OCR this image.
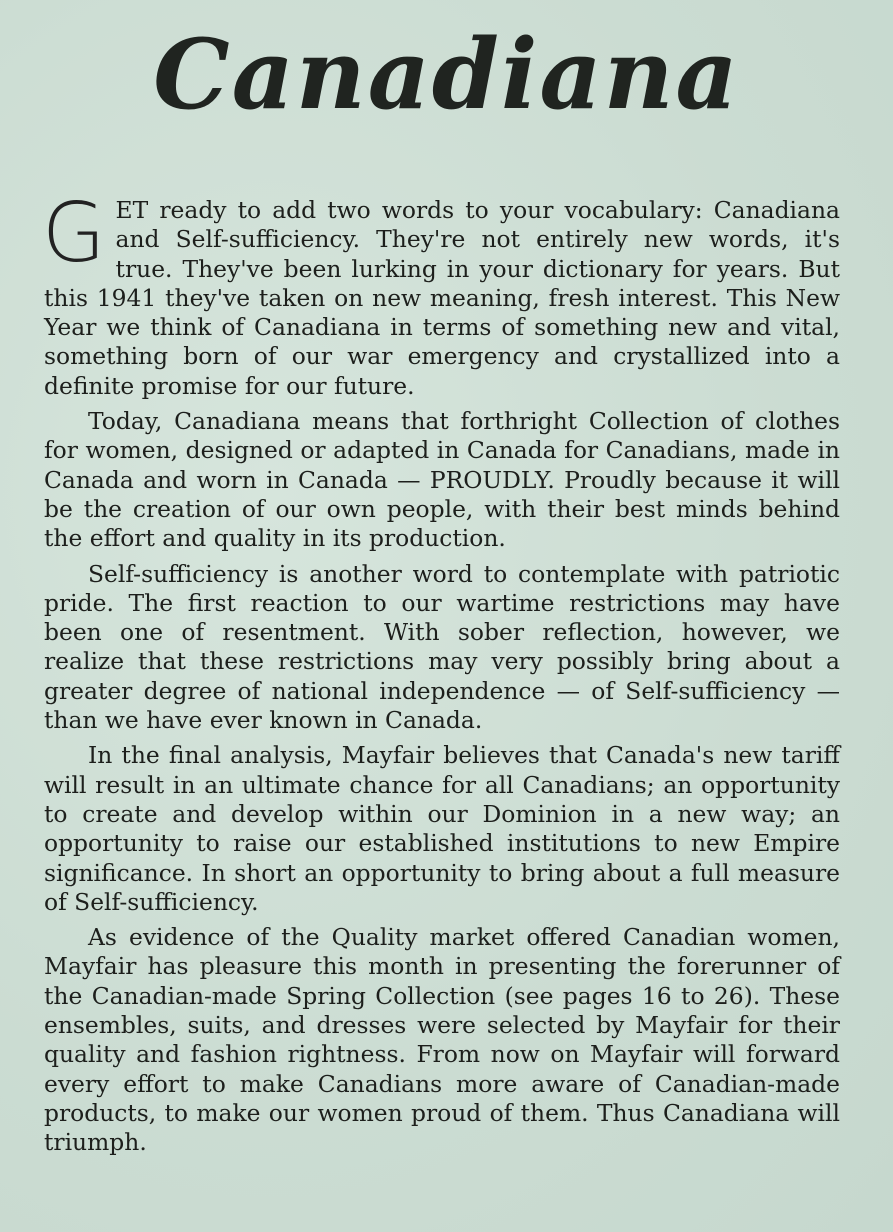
Canadiana

GET ready to add two words to your vocabulary: Canadiana and Self-sufficiency. They're not entirely new words, it's true. They've been lurking in your dictionary for years. But this 1941 they've taken on new meaning, fresh interest. This New Year we think of Canadiana in terms of something new and vital, something born of our war emergency and crystallized into a definite promise for our future.

Today, Canadiana means that forthright Collection of clothes for women, designed or adapted in Canada for Canadians, made in Canada and worn in Canada — PROUDLY. Proudly because it will be the creation of our own people, with their best minds behind the effort and quality in its production.

Self-sufficiency is another word to contemplate with patriotic pride. The first reaction to our wartime restrictions may have been one of resentment. With sober reflection, however, we realize that these restrictions may very possibly bring about a greater degree of national independence — of Self-sufficiency — than we have ever known in Canada.

In the final analysis, Mayfair believes that Canada's new tariff will result in an ultimate chance for all Canadians; an opportunity to create and develop within our Dominion in a new way; an opportunity to raise our established institutions to new Empire significance. In short an opportunity to bring about a full measure of Self-sufficiency.

As evidence of the Quality market offered Canadian women, Mayfair has pleasure this month in presenting the forerunner of the Canadian-made Spring Collection (see pages 16 to 26). These ensembles, suits, and dresses were selected by Mayfair for their quality and fashion rightness. From now on Mayfair will forward every effort to make Canadians more aware of Canadian-made products, to make our women proud of them. Thus Canadiana will triumph.
